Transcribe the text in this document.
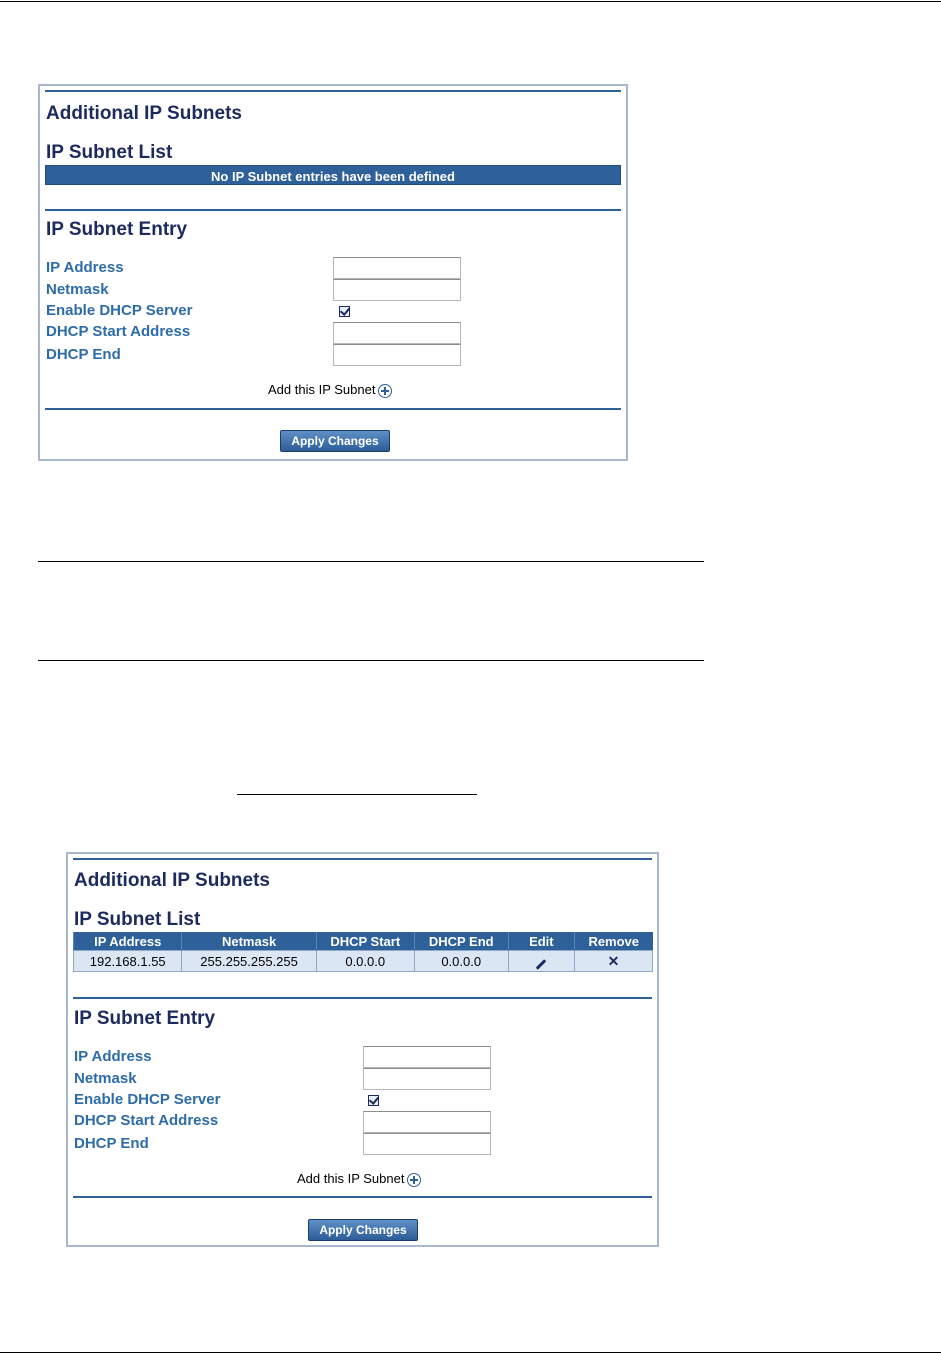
Additional IP Subnets
IP Subnet List
No IP Subnet entries have been defined
IP Subnet Entry
IP Address
Netmask
Enable DHCP Server
DHCP Start Address
DHCP End
Add this IP Subnet
Apply Changes
Additional IP Subnets
IP Subnet List
IP Address	Netmask	DHCP Start	DHCP End	Edit	Remove
192.168.1.55	255.255.255.255	0.0.0.0	0.0.0.0		✕
IP Subnet Entry
IP Address
Netmask
Enable DHCP Server
DHCP Start Address
DHCP End
Add this IP Subnet
Apply Changes
